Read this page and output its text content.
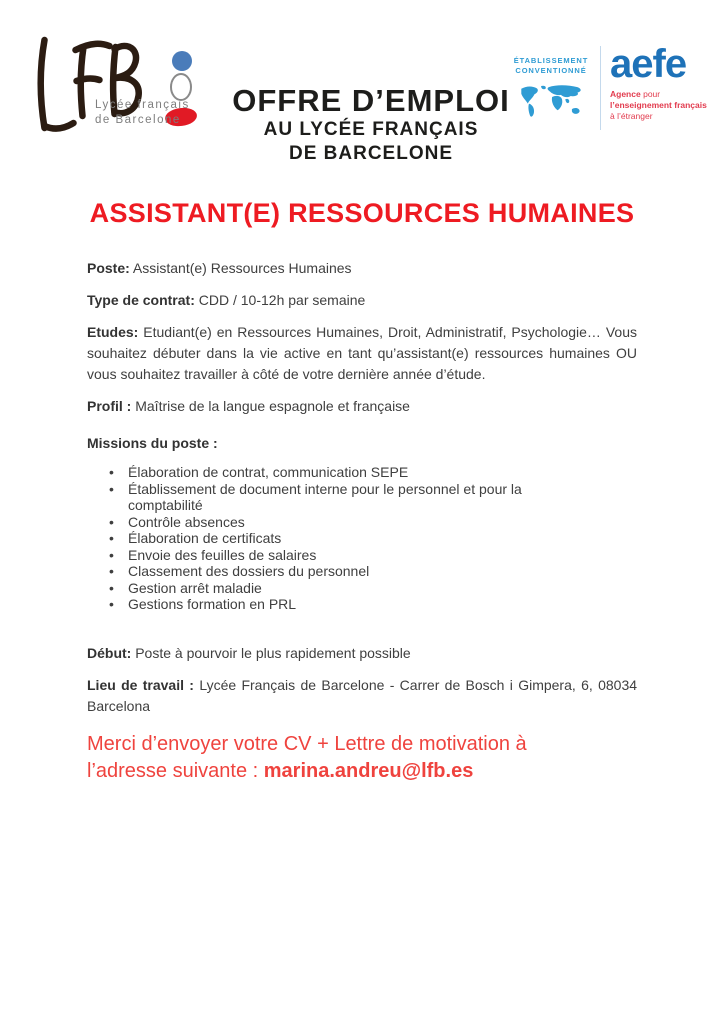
Lycée français
de Barcelone
OFFRE D’EMPLOI
AU LYCÉE FRANÇAIS
DE BARCELONE
ÉTABLISSEMENT
CONVENTIONNÉ aefe
Agence pour
l’enseignement français
à l’étranger
ASSISTANT(E) RESSOURCES HUMAINES

Poste: Assistant(e) Ressources Humaines

Type de contrat: CDD / 10-12h par semaine

Etudes: Etudiant(e) en Ressources Humaines, Droit, Administratif, Psychologie… Vous souhaitez débuter dans la vie active en tant qu’assistant(e) ressources humaines OU vous souhaitez travailler à côté de votre dernière année d’étude.

Profil : Maîtrise de la langue espagnole et française

Missions du poste :

• Élaboration de contrat, communication SEPE
• Établissement de document interne pour le personnel et pour la comptabilité
• Contrôle absences
• Élaboration de certificats
• Envoie des feuilles de salaires
• Classement des dossiers du personnel
• Gestion arrêt maladie
• Gestions formation en PRL

Début: Poste à pourvoir le plus rapidement possible

Lieu de travail : Lycée Français de Barcelone - Carrer de Bosch i Gimpera, 6, 08034 Barcelona

Merci d’envoyer votre CV + Lettre de motivation à l’adresse suivante : marina.andreu@lfb.es
